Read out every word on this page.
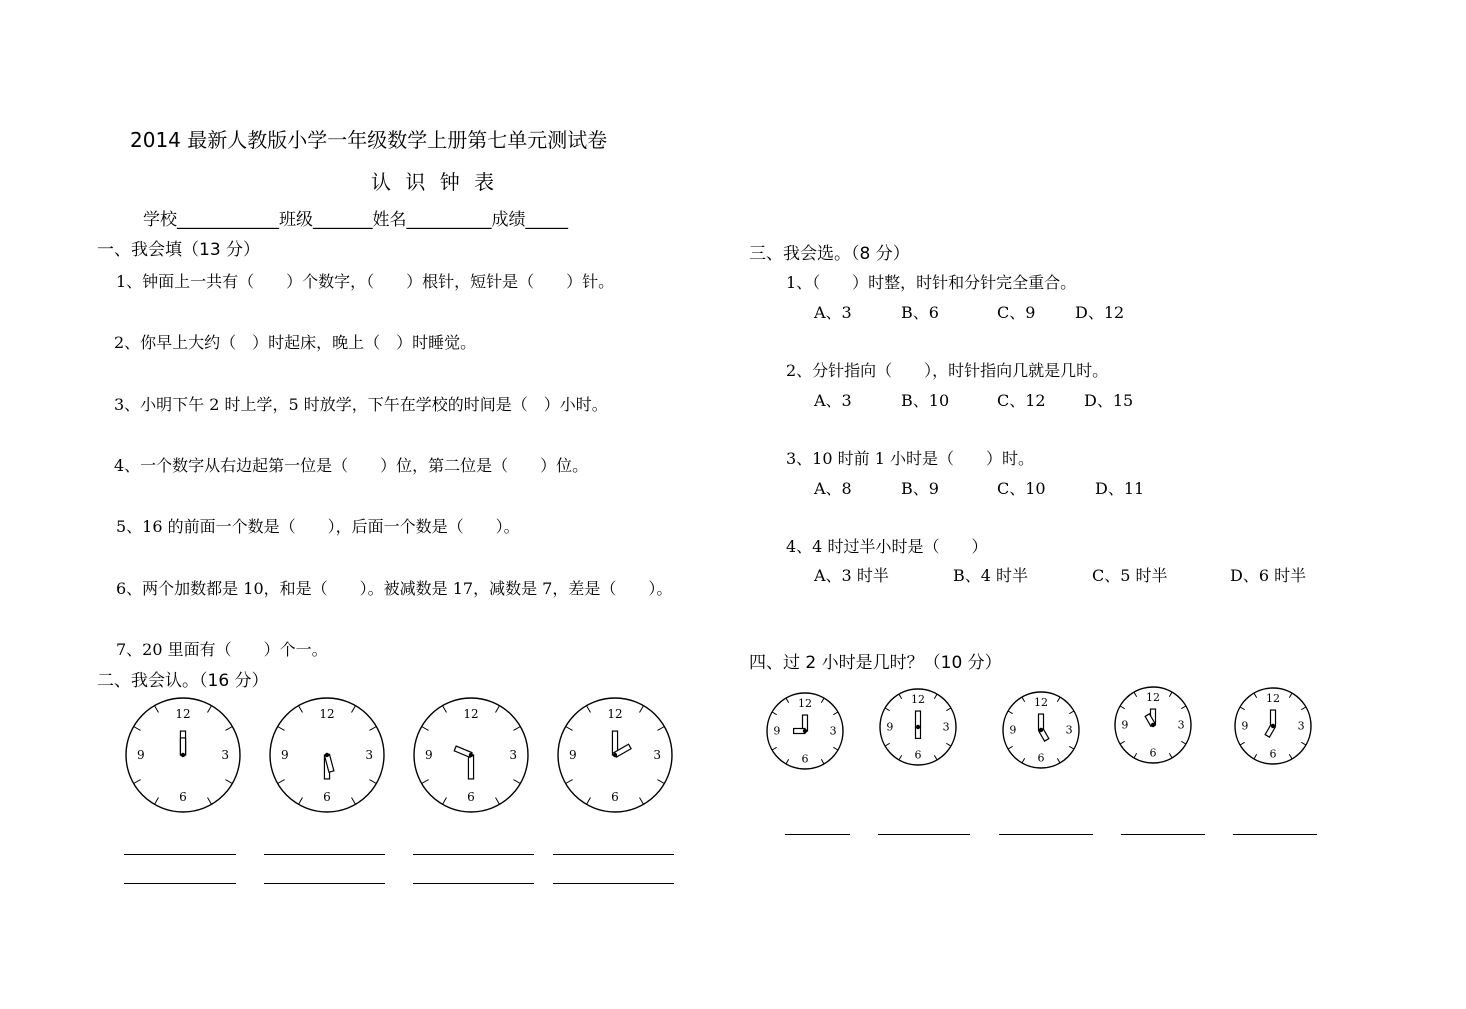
2014 最新人教版小学一年级数学上册第七单元测试卷
认 识 钟 表
学校____________班级_______姓名__________成绩_____
一、我会填（13 分）
1、钟面上一共有（　　）个数字，（　　）根针，短针是（　　）针。
2、你早上大约（　）时起床，晚上（　）时睡觉。
3、小明下午 2 时上学，5 时放学，下午在学校的时间是（　）小时。
4、一个数字从右边起第一位是（　　）位，第二位是（　　）位。
5、16 的前面一个数是（　　），后面一个数是（　　）。
6、两个加数都是 10，和是（　　）。被减数是 17，减数是 7，差是（　　）。
7、20 里面有（　　）个一。
二、我会认。（16 分）
12
3
6
9
12
3
6
9
12
3
6
9
12
3
6
9
三、我会选。（8 分）
1、（　　）时整，时针和分针完全重合。
A、3	B、6	C、9 D、12
2、分针指向（　　），时针指向几就是几时。
A、3	B、10	C、12 D、15
3、10 时前 1 小时是（　　）时。
A、8	B、9	C、10	D、11
4、4 时过半小时是（　　）
A、3 时半	B、4 时半	C、5 时半	D、6 时半
四、过 2 小时是几时？（10 分）
12
3
6
9
12
3
6
9
12
3
6
9
12
3
6
9
12
3
6
9
